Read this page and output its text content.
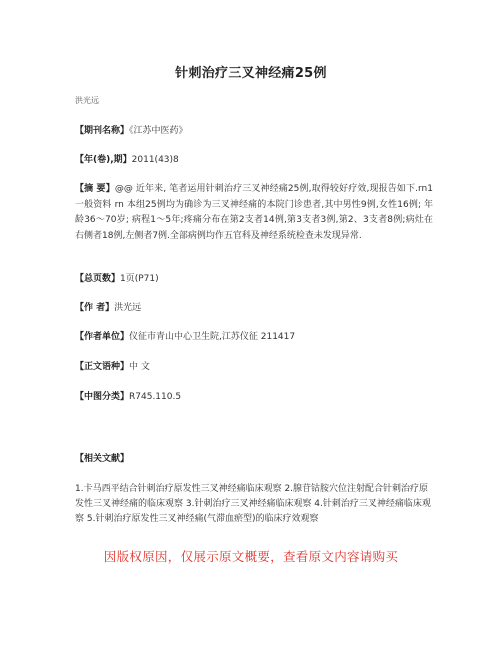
针刺治疗三叉神经痛25例
洪光远
【期刊名称】《江苏中医药》
【年(卷),期】2011(43)8
【摘 要】@@ 近年来, 笔者运用针刺治疗三叉神经痛25例,取得较好疗效,现报告如下.rn1 一般资料 rn 本组25例均为确诊为三叉神经痛的本院门诊患者,其中男性9例,女性16例; 年龄36～70岁; 病程1～5年;疼痛分布在第2支者14例,第3支者3例,第2、3支者8例;病灶在右侧者18例,左侧者7例.全部病例均作五官科及神经系统检查未发现异常.
【总页数】1页(P71)
【作 者】洪光远
【作者单位】仪征市青山中心卫生院,江苏仪征 211417
【正文语种】中 文
【中图分类】R745.110.5
【相关文献】
1.卡马西平结合针刺治疗原发性三叉神经痛临床观察 2.腺苷钴胺穴位注射配合针刺治疗原发性三叉神经痛的临床观察 3.针刺治疗三叉神经痛临床观察 4.针刺治疗三叉神经痛临床观察 5.针刺治疗原发性三叉神经痛(气滞血瘀型)的临床疗效观察
因版权原因，仅展示原文概要，查看原文内容请购买
